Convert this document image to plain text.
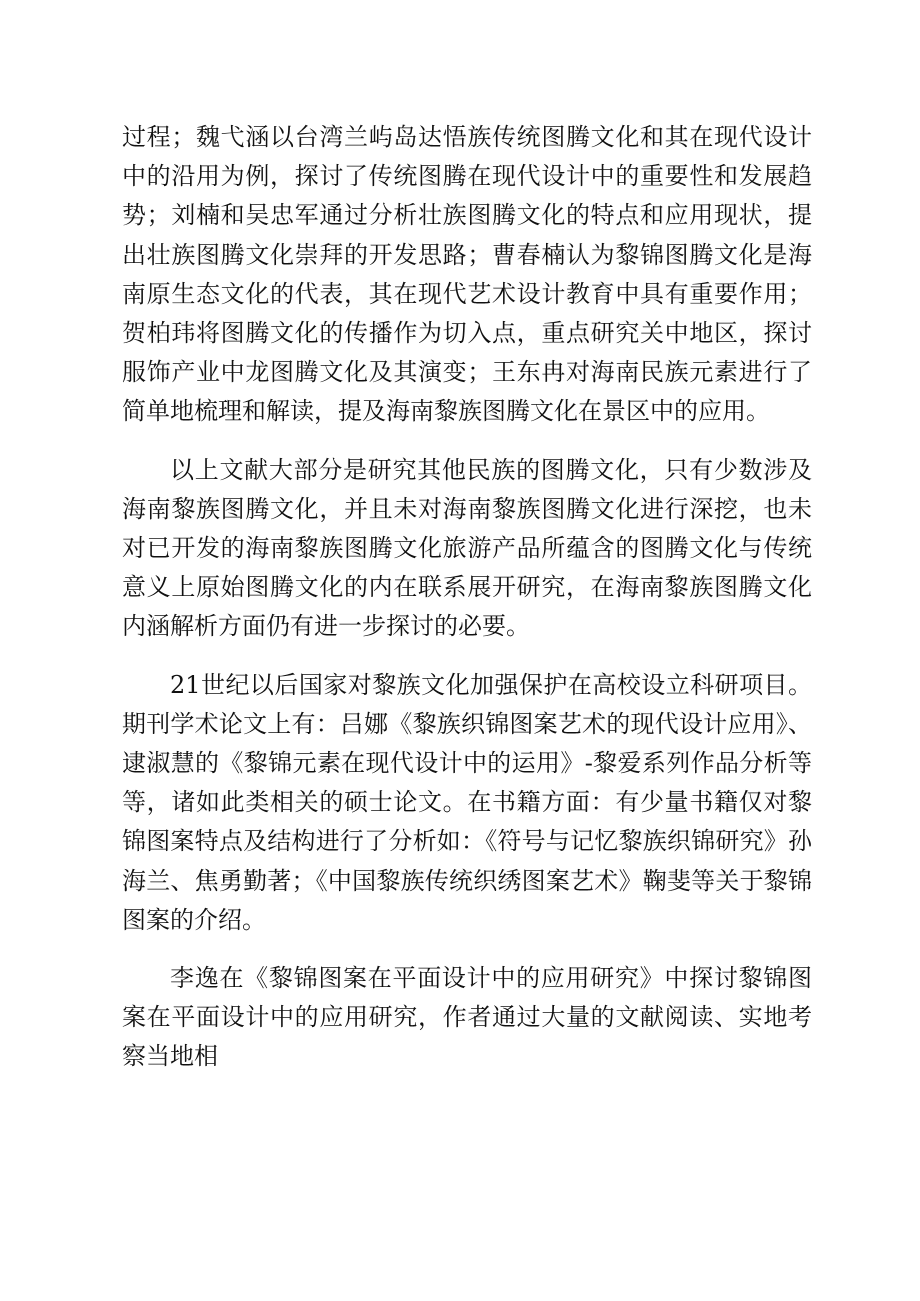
过程；魏弋涵以台湾兰屿岛达悟族传统图腾文化和其在现代设计中的沿用为例，探讨了传统图腾在现代设计中的重要性和发展趋势；刘楠和吴忠军通过分析壮族图腾文化的特点和应用现状，提出壮族图腾文化崇拜的开发思路；曹春楠认为黎锦图腾文化是海南原生态文化的代表，其在现代艺术设计教育中具有重要作用；贺柏玮将图腾文化的传播作为切入点，重点研究关中地区，探讨服饰产业中龙图腾文化及其演变；王东冉对海南民族元素进行了简单地梳理和解读，提及海南黎族图腾文化在景区中的应用。

以上文献大部分是研究其他民族的图腾文化，只有少数涉及海南黎族图腾文化，并且未对海南黎族图腾文化进行深挖，也未对已开发的海南黎族图腾文化旅游产品所蕴含的图腾文化与传统意义上原始图腾文化的内在联系展开研究，在海南黎族图腾文化内涵解析方面仍有进一步探讨的必要。

21世纪以后国家对黎族文化加强保护在高校设立科研项目。期刊学术论文上有：吕娜《黎族织锦图案艺术的现代设计应用》、逮淑慧的《黎锦元素在现代设计中的运用》-黎爱系列作品分析等等，诸如此类相关的硕士论文。在书籍方面：有少量书籍仅对黎锦图案特点及结构进行了分析如：《符号与记忆黎族织锦研究》孙海兰、焦勇勤著；《中国黎族传统织绣图案艺术》鞠斐等关于黎锦图案的介绍。

李逸在《黎锦图案在平面设计中的应用研究》中探讨黎锦图案在平面设计中的应用研究，作者通过大量的文献阅读、实地考察当地相
